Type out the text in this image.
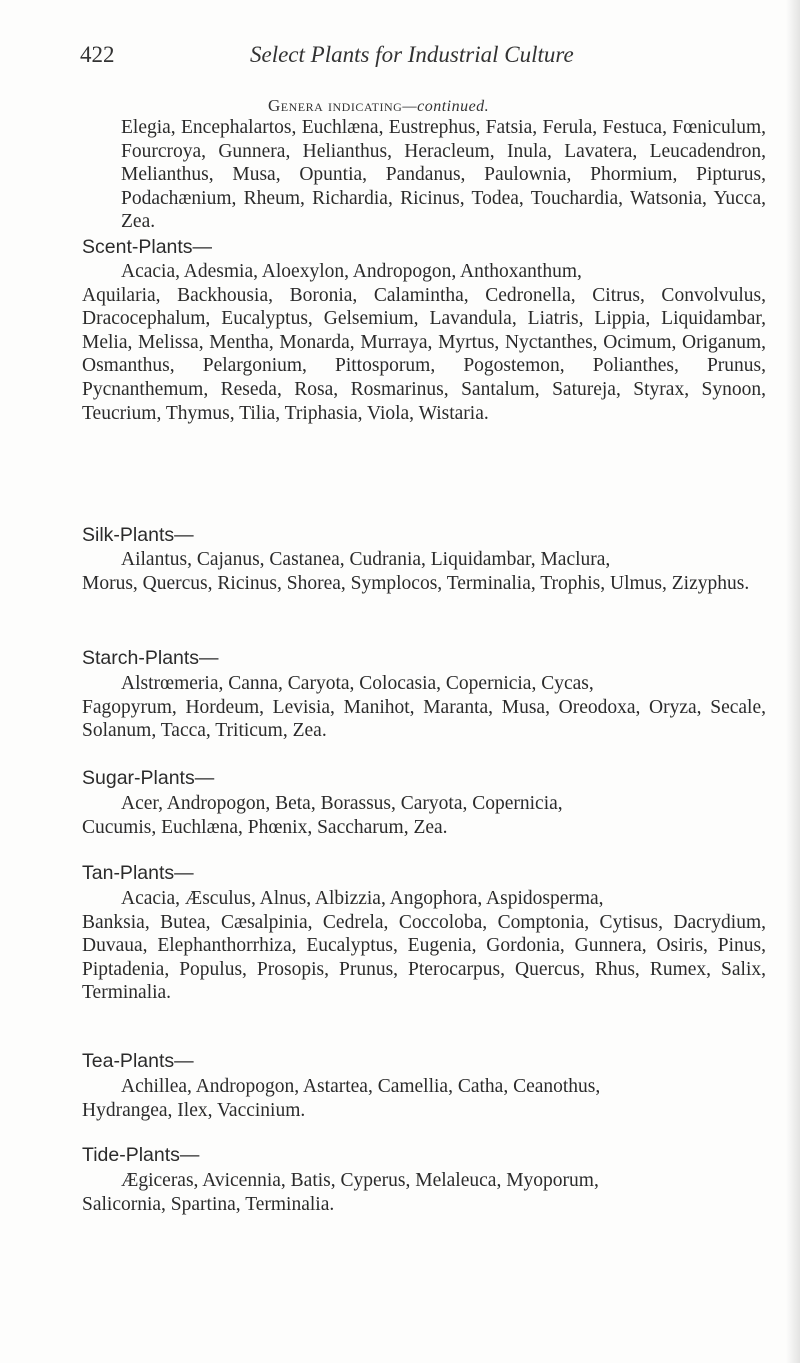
422	Select Plants for Industrial Culture
Genera indicating—continued.
Elegia, Encephalartos, Euchlæna, Eustrephus, Fatsia, Ferula, Festuca, Fœniculum, Fourcroya, Gunnera, Helianthus, Heracleum, Inula, Lavatera, Leucadendron, Melianthus, Musa, Opuntia, Pandanus, Paulownia, Phormium, Pipturus, Podachænium, Rheum, Richardia, Ricinus, Todea, Touchardia, Watsonia, Yucca, Zea.
Scent-Plants—
Acacia, Adesmia, Aloexylon, Andropogon, Anthoxanthum,
Aquilaria, Backhousia, Boronia, Calamintha, Cedronella, Citrus, Convolvulus, Dracocephalum, Eucalyptus, Gelsemium, Lavandula, Liatris, Lippia, Liquidambar, Melia, Melissa, Mentha, Monarda, Murraya, Myrtus, Nyctanthes, Ocimum, Origanum, Osmanthus, Pelargonium, Pittosporum, Pogostemon, Polianthes, Prunus, Pycnanthemum, Reseda, Rosa, Rosmarinus, Santalum, Satureja, Styrax, Synoon, Teucrium, Thymus, Tilia, Triphasia, Viola, Wistaria.
Silk-Plants—
Ailantus, Cajanus, Castanea, Cudrania, Liquidambar, Maclura,
Morus, Quercus, Ricinus, Shorea, Symplocos, Terminalia, Trophis, Ulmus, Zizyphus.
Starch-Plants—
Alstrœmeria, Canna, Caryota, Colocasia, Copernicia, Cycas,
Fagopyrum, Hordeum, Levisia, Manihot, Maranta, Musa, Oreodoxa, Oryza, Secale, Solanum, Tacca, Triticum, Zea.
Sugar-Plants—
Acer, Andropogon, Beta, Borassus, Caryota, Copernicia,
Cucumis, Euchlæna, Phœnix, Saccharum, Zea.
Tan-Plants—
Acacia, Æsculus, Alnus, Albizzia, Angophora, Aspidosperma,
Banksia, Butea, Cæsalpinia, Cedrela, Coccoloba, Comptonia, Cytisus, Dacrydium, Duvaua, Elephanthorrhiza, Eucalyptus, Eugenia, Gordonia, Gunnera, Osiris, Pinus, Piptadenia, Populus, Prosopis, Prunus, Pterocarpus, Quercus, Rhus, Rumex, Salix, Terminalia.
Tea-Plants—
Achillea, Andropogon, Astartea, Camellia, Catha, Ceanothus,
Hydrangea, Ilex, Vaccinium.
Tide-Plants—
Ægiceras, Avicennia, Batis, Cyperus, Melaleuca, Myoporum,
Salicornia, Spartina, Terminalia.
